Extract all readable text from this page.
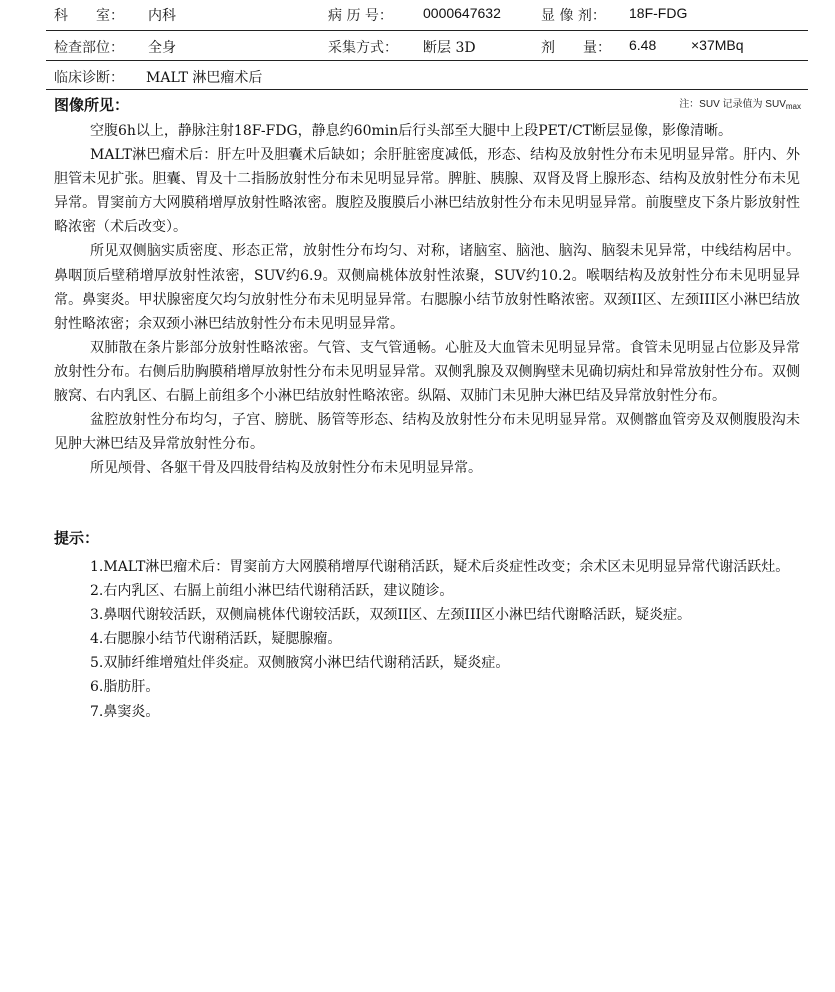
科　　室： 内科	病 历 号： 0000647632	显 像 剂： 18F-FDG
检查部位： 全身	采集方式： 断层 3D	剂　　量： 6.48 ×37MBq
临床诊断： MALT 淋巴瘤术后
图像所见：	注：SUV 记录值为 $SUV_{max}$

空腹6h以上，静脉注射18F-FDG，静息约60min后行头部至大腿中上段PET/CT断层显像，影像清晰。

MALT淋巴瘤术后：肝左叶及胆囊术后缺如；余肝脏密度减低，形态、结构及放射性分布未见明显异常。肝内、外胆管未见扩张。胆囊、胃及十二指肠放射性分布未见明显异常。脾脏、胰腺、双肾及肾上腺形态、结构及放射性分布未见异常。胃窦前方大网膜稍增厚放射性略浓密。腹腔及腹膜后小淋巴结放射性分布未见明显异常。前腹壁皮下条片影放射性略浓密（术后改变）。

所见双侧脑实质密度、形态正常，放射性分布均匀、对称，诸脑室、脑池、脑沟、脑裂未见异常，中线结构居中。鼻咽顶后壁稍增厚放射性浓密，SUV约6.9。双侧扁桃体放射性浓聚，SUV约10.2。喉咽结构及放射性分布未见明显异常。鼻窦炎。甲状腺密度欠均匀放射性分布未见明显异常。右腮腺小结节放射性略浓密。双颈II区、左颈III区小淋巴结放射性略浓密；余双颈小淋巴结放射性分布未见明显异常。

双肺散在条片影部分放射性略浓密。气管、支气管通畅。心脏及大血管未见明显异常。食管未见明显占位影及异常放射性分布。右侧后肋胸膜稍增厚放射性分布未见明显异常。双侧乳腺及双侧胸壁未见确切病灶和异常放射性分布。双侧腋窝、右内乳区、右膈上前组多个小淋巴结放射性略浓密。纵隔、双肺门未见肿大淋巴结及异常放射性分布。

盆腔放射性分布均匀，子宫、膀胱、肠管等形态、结构及放射性分布未见明显异常。双侧髂血管旁及双侧腹股沟未见肿大淋巴结及异常放射性分布。

所见颅骨、各躯干骨及四肢骨结构及放射性分布未见明显异常。

提示：
1.MALT淋巴瘤术后：胃窦前方大网膜稍增厚代谢稍活跃，疑术后炎症性改变；余术区未见明显异常代谢活跃灶。
2.右内乳区、右膈上前组小淋巴结代谢稍活跃，建议随诊。
3.鼻咽代谢较活跃，双侧扁桃体代谢较活跃，双颈II区、左颈III区小淋巴结代谢略活跃，疑炎症。
4.右腮腺小结节代谢稍活跃，疑腮腺瘤。
5.双肺纤维增殖灶伴炎症。双侧腋窝小淋巴结代谢稍活跃，疑炎症。
6.脂肪肝。
7.鼻窦炎。
